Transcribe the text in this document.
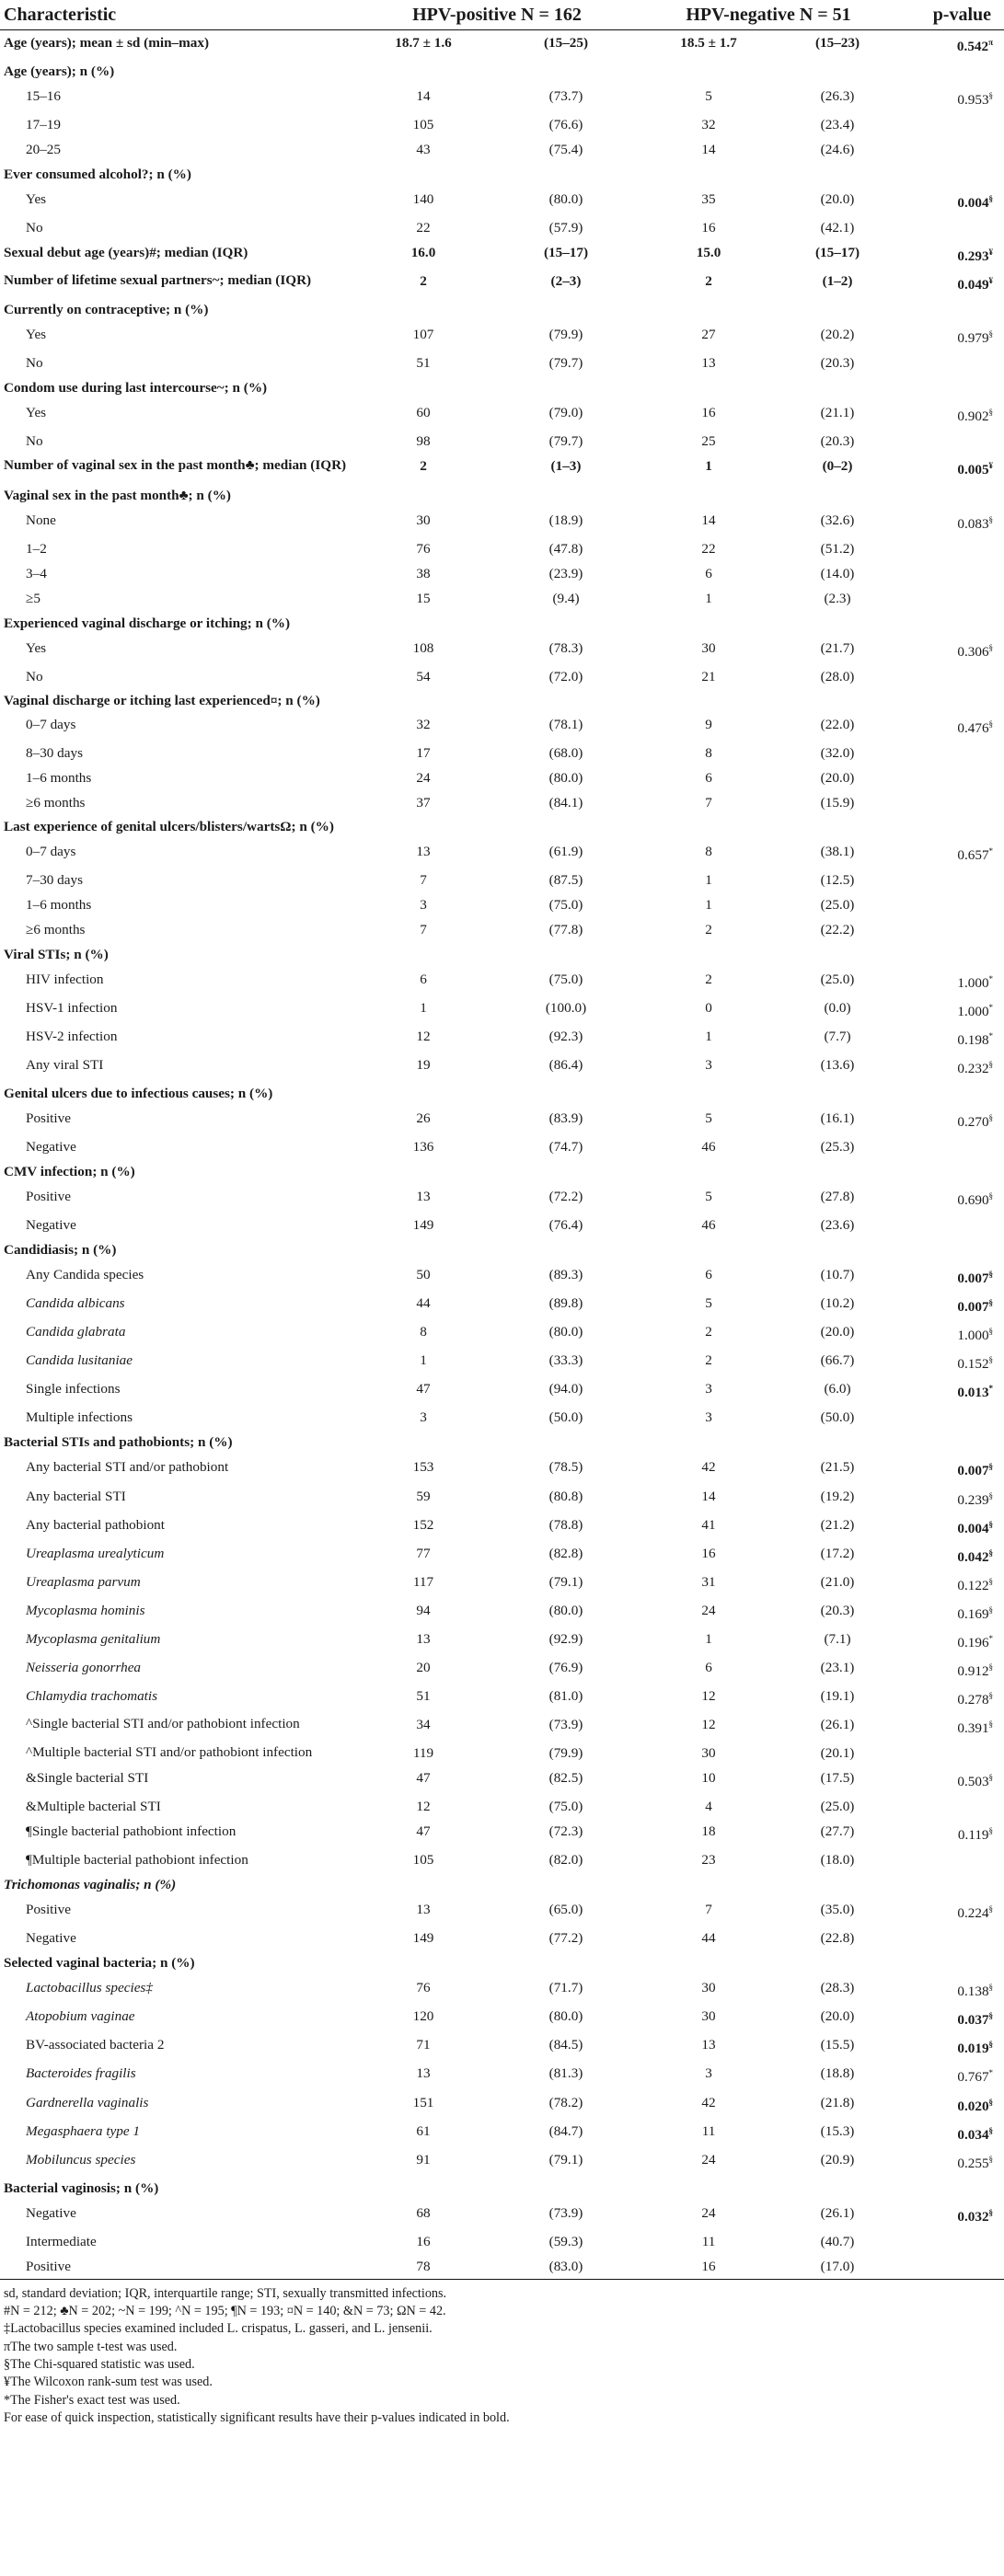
Characteristic	HPV-positive N = 162		HPV-negative N = 51		p-value
Age (years); mean ± sd (min–max)	18.7 ± 1.6	(15–25)	18.5 ± 1.7	(15–23)	$0.542^\pi$
Age (years); n (%)					
15–16	14	(73.7)	5	(26.3)	0.953§
17–19	105	(76.6)	32	(23.4)	
20–25	43	(75.4)	14	(24.6)	
Ever consumed alcohol?; n (%)					
Yes	140	(80.0)	35	(20.0)	0.004§
No	22	(57.9)	16	(42.1)	
Sexual debut age (years)#; median (IQR)	16.0	(15–17)	15.0	(15–17)	0.293¥
Number of lifetime sexual partners~; median (IQR)	2	(2–3)	2	(1–2)	0.049¥
Currently on contraceptive; n (%)					
Yes	107	(79.9)	27	(20.2)	0.979§
No	51	(79.7)	13	(20.3)	
Condom use during last intercourse~; n (%)					
Yes	60	(79.0)	16	(21.1)	0.902§
No	98	(79.7)	25	(20.3)	
Number of vaginal sex in the past month♣; median (IQR)	2	(1–3)	1	(0–2)	0.005¥
Vaginal sex in the past month♣; n (%)					
None	30	(18.9)	14	(32.6)	0.083§
1–2	76	(47.8)	22	(51.2)	
3–4	38	(23.9)	6	(14.0)	
≥5	15	(9.4)	1	(2.3)	
Experienced vaginal discharge or itching; n (%)					
Yes	108	(78.3)	30	(21.7)	0.306§
No	54	(72.0)	21	(28.0)	
Vaginal discharge or itching last experienced¤; n (%)					
0–7 days	32	(78.1)	9	(22.0)	0.476§
8–30 days	17	(68.0)	8	(32.0)	
1–6 months	24	(80.0)	6	(20.0)	
≥6 months	37	(84.1)	7	(15.9)	
Last experience of genital ulcers/blisters/wartsΩ; n (%)					
0–7 days	13	(61.9)	8	(38.1)	0.657*
7–30 days	7	(87.5)	1	(12.5)	
1–6 months	3	(75.0)	1	(25.0)	
≥6 months	7	(77.8)	2	(22.2)	
Viral STIs; n (%)					
HIV infection	6	(75.0)	2	(25.0)	1.000*
HSV-1 infection	1	(100.0)	0	(0.0)	1.000*
HSV-2 infection	12	(92.3)	1	(7.7)	0.198*
Any viral STI	19	(86.4)	3	(13.6)	0.232§
Genital ulcers due to infectious causes; n (%)					
Positive	26	(83.9)	5	(16.1)	0.270§
Negative	136	(74.7)	46	(25.3)	
CMV infection; n (%)					
Positive	13	(72.2)	5	(27.8)	0.690§
Negative	149	(76.4)	46	(23.6)	
Candidiasis; n (%)					
Any Candida species	50	(89.3)	6	(10.7)	0.007§
Candida albicans	44	(89.8)	5	(10.2)	0.007§
Candida glabrata	8	(80.0)	2	(20.0)	1.000§
Candida lusitaniae	1	(33.3)	2	(66.7)	0.152§
Single infections	47	(94.0)	3	(6.0)	0.013*
Multiple infections	3	(50.0)	3	(50.0)	
Bacterial STIs and pathobionts; n (%)					
Any bacterial STI and/or pathobiont	153	(78.5)	42	(21.5)	0.007§
Any bacterial STI	59	(80.8)	14	(19.2)	0.239§
Any bacterial pathobiont	152	(78.8)	41	(21.2)	0.004§
Ureaplasma urealyticum	77	(82.8)	16	(17.2)	0.042§
Ureaplasma parvum	117	(79.1)	31	(21.0)	0.122§
Mycoplasma hominis	94	(80.0)	24	(20.3)	0.169§
Mycoplasma genitalium	13	(92.9)	1	(7.1)	0.196*
Neisseria gonorrhea	20	(76.9)	6	(23.1)	0.912§
Chlamydia trachomatis	51	(81.0)	12	(19.1)	0.278§
^Single bacterial STI and/or pathobiont infection	34	(73.9)	12	(26.1)	0.391§
^Multiple bacterial STI and/or pathobiont infection	119	(79.9)	30	(20.1)	
&Single bacterial STI	47	(82.5)	10	(17.5)	0.503§
&Multiple bacterial STI	12	(75.0)	4	(25.0)	
¶Single bacterial pathobiont infection	47	(72.3)	18	(27.7)	0.119§
¶Multiple bacterial pathobiont infection	105	(82.0)	23	(18.0)	
Trichomonas vaginalis; n (%)					
Positive	13	(65.0)	7	(35.0)	0.224§
Negative	149	(77.2)	44	(22.8)	
Selected vaginal bacteria; n (%)					
Lactobacillus species‡	76	(71.7)	30	(28.3)	0.138§
Atopobium vaginae	120	(80.0)	30	(20.0)	0.037§
BV-associated bacteria 2	71	(84.5)	13	(15.5)	0.019§
Bacteroides fragilis	13	(81.3)	3	(18.8)	0.767*
Gardnerella vaginalis	151	(78.2)	42	(21.8)	0.020§
Megasphaera type 1	61	(84.7)	11	(15.3)	0.034§
Mobiluncus species	91	(79.1)	24	(20.9)	0.255§
Bacterial vaginosis; n (%)					
Negative	68	(73.9)	24	(26.1)	0.032§
Intermediate	16	(59.3)	11	(40.7)	
Positive	78	(83.0)	16	(17.0)	
sd, standard deviation; IQR, interquartile range; STI, sexually transmitted infections.
#N = 212; ♣N = 202; ~N = 199; ^N = 195; ¶N = 193; ¤N = 140; &N = 73; ΩN = 42.
‡Lactobacillus species examined included L. crispatus, L. gasseri, and L. jensenii.
πThe two sample t-test was used.
§The Chi-squared statistic was used.
¥The Wilcoxon rank-sum test was used.
*The Fisher's exact test was used.
For ease of quick inspection, statistically significant results have their p-values indicated in bold.
